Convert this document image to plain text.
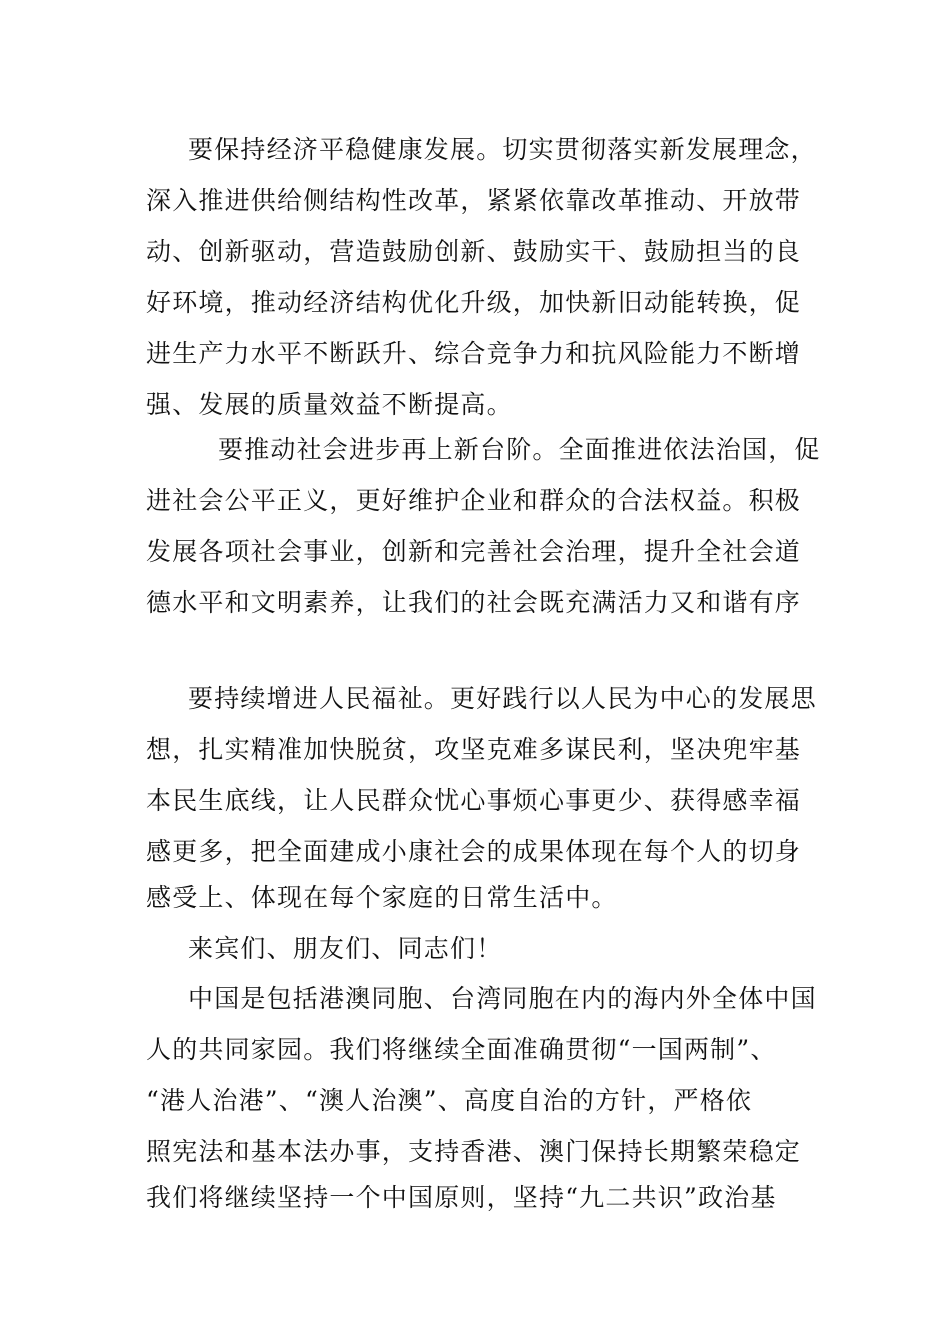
要保持经济平稳健康发展。切实贯彻落实新发展理念，
深入推进供给侧结构性改革，紧紧依靠改革推动、开放带
动、创新驱动，营造鼓励创新、鼓励实干、鼓励担当的良
好环境，推动经济结构优化升级，加快新旧动能转换，促
进生产力水平不断跃升、综合竞争力和抗风险能力不断增
强、发展的质量效益不断提高。
要推动社会进步再上新台阶。全面推进依法治国，促
进社会公平正义，更好维护企业和群众的合法权益。积极
发展各项社会事业，创新和完善社会治理，提升全社会道
德水平和文明素养，让我们的社会既充满活力又和谐有序
要持续增进人民福祉。更好践行以人民为中心的发展思
想，扎实精准加快脱贫，攻坚克难多谋民利，坚决兜牢基
本民生底线，让人民群众忧心事烦心事更少、获得感幸福
感更多，把全面建成小康社会的成果体现在每个人的切身
感受上、体现在每个家庭的日常生活中。
来宾们、朋友们、同志们！
中国是包括港澳同胞、台湾同胞在内的海内外全体中国
人的共同家园。我们将继续全面准确贯彻“一国两制”、
“港人治港”、“澳人治澳”、高度自治的方针，严格依
照宪法和基本法办事，支持香港、澳门保持长期繁荣稳定
我们将继续坚持一个中国原则，坚持“九二共识”政治基
